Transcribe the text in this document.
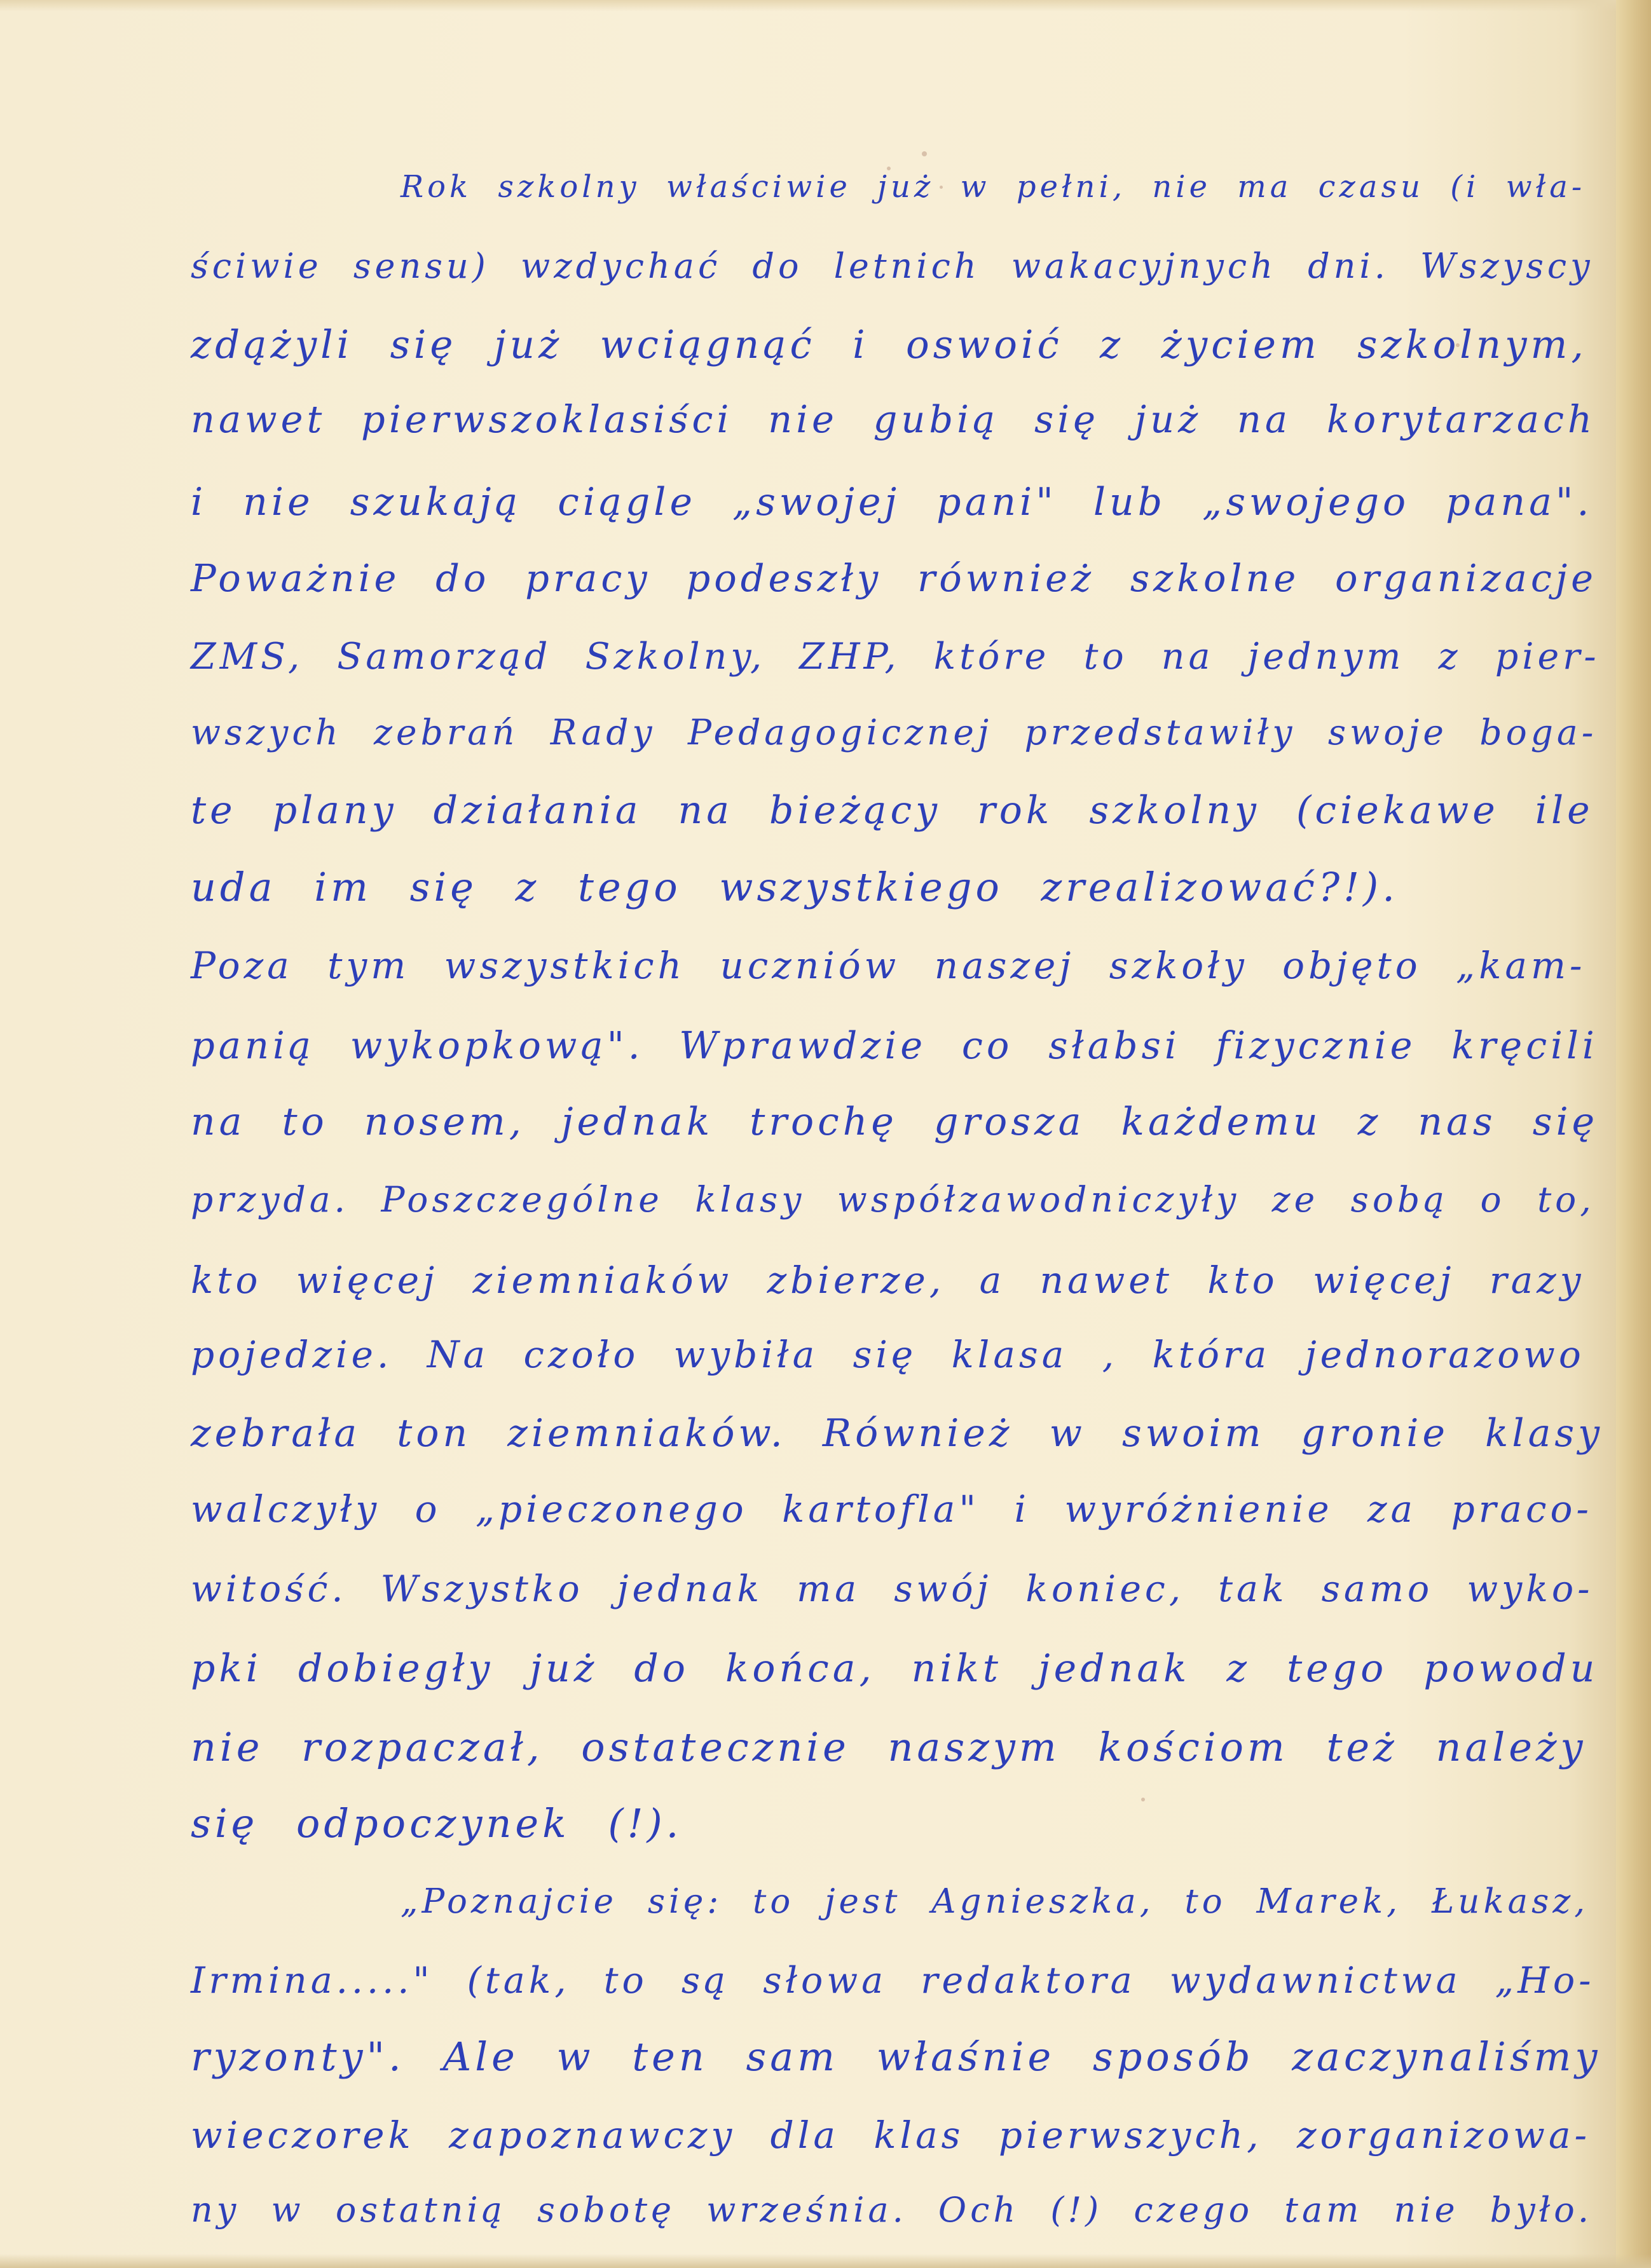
Rok szkolny właściwie już w pełni, nie ma czasu (i wła-
ściwie sensu) wzdychać do letnich wakacyjnych dni. Wszyscy
zdążyli się już wciągnąć i oswoić z życiem szkolnym,
nawet pierwszoklasiści nie gubią się już na korytarzach
i nie szukają ciągle „swojej pani" lub „swojego pana".
Poważnie do pracy podeszły również szkolne organizacje
ZMS, Samorząd Szkolny, ZHP, które to na jednym z pier-
wszych zebrań Rady Pedagogicznej przedstawiły swoje boga-
te plany działania na bieżący rok szkolny (ciekawe ile
uda im się z tego wszystkiego zrealizować?!).
Poza tym wszystkich uczniów naszej szkoły objęto „kam-
panią wykopkową". Wprawdzie co słabsi fizycznie kręcili
na to nosem, jednak trochę grosza każdemu z nas się
przyda. Poszczególne klasy współzawodniczyły ze sobą o to,
kto więcej ziemniaków zbierze, a nawet kto więcej razy
pojedzie. Na czoło wybiła się klasa , która jednorazowo
zebrała ton ziemniaków. Również w swoim gronie klasy
walczyły o „pieczonego kartofla" i wyróżnienie za praco-
witość. Wszystko jednak ma swój koniec, tak samo wyko-
pki dobiegły już do końca, nikt jednak z tego powodu
nie rozpaczał, ostatecznie naszym kościom też należy
się odpoczynek (!).
„Poznajcie się: to jest Agnieszka, to Marek, Łukasz,
Irmina....." (tak, to są słowa redaktora wydawnictwa „Ho-
ryzonty". Ale w ten sam właśnie sposób zaczynaliśmy
wieczorek zapoznawczy dla klas pierwszych, zorganizowa-
ny w ostatnią sobotę września. Och (!) czego tam nie było.
